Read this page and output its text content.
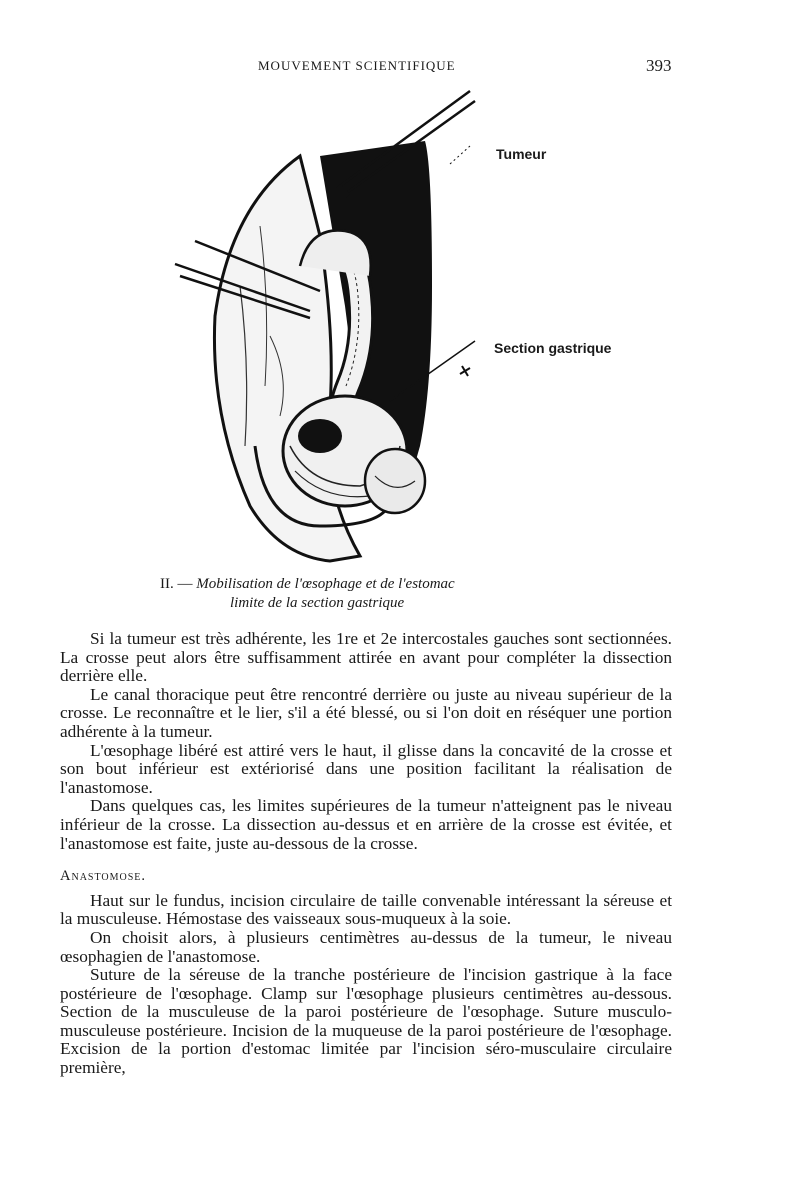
MOUVEMENT SCIENTIFIQUE	393
Tumeur
Section gastrique
II. — Mobilisation de l'œsophage et de l'estomac
limite de la section gastrique

Si la tumeur est très adhérente, les 1re et 2e intercostales gauches sont sectionnées. La crosse peut alors être suffisamment attirée en avant pour compléter la dissection derrière elle.

Le canal thoracique peut être rencontré derrière ou juste au niveau supérieur de la crosse. Le reconnaître et le lier, s'il a été blessé, ou si l'on doit en réséquer une portion adhérente à la tumeur.

L'œsophage libéré est attiré vers le haut, il glisse dans la concavité de la crosse et son bout inférieur est extériorisé dans une position facilitant la réalisation de l'anastomose.

Dans quelques cas, les limites supérieures de la tumeur n'atteignent pas le niveau inférieur de la crosse. La dissection au-dessus et en arrière de la crosse est évitée, et l'anastomose est faite, juste au-dessous de la crosse.

Anastomose.

Haut sur le fundus, incision circulaire de taille convenable intéressant la séreuse et la musculeuse. Hémostase des vaisseaux sous-muqueux à la soie.

On choisit alors, à plusieurs centimètres au-dessus de la tumeur, le niveau œsophagien de l'anastomose.

Suture de la séreuse de la tranche postérieure de l'incision gastrique à la face postérieure de l'œsophage. Clamp sur l'œsophage plusieurs centimètres au-dessous. Section de la musculeuse de la paroi postérieure de l'œsophage. Suture musculo-musculeuse postérieure. Incision de la muqueuse de la paroi postérieure de l'œsophage. Excision de la portion d'estomac limitée par l'incision séro-musculaire circulaire première,
